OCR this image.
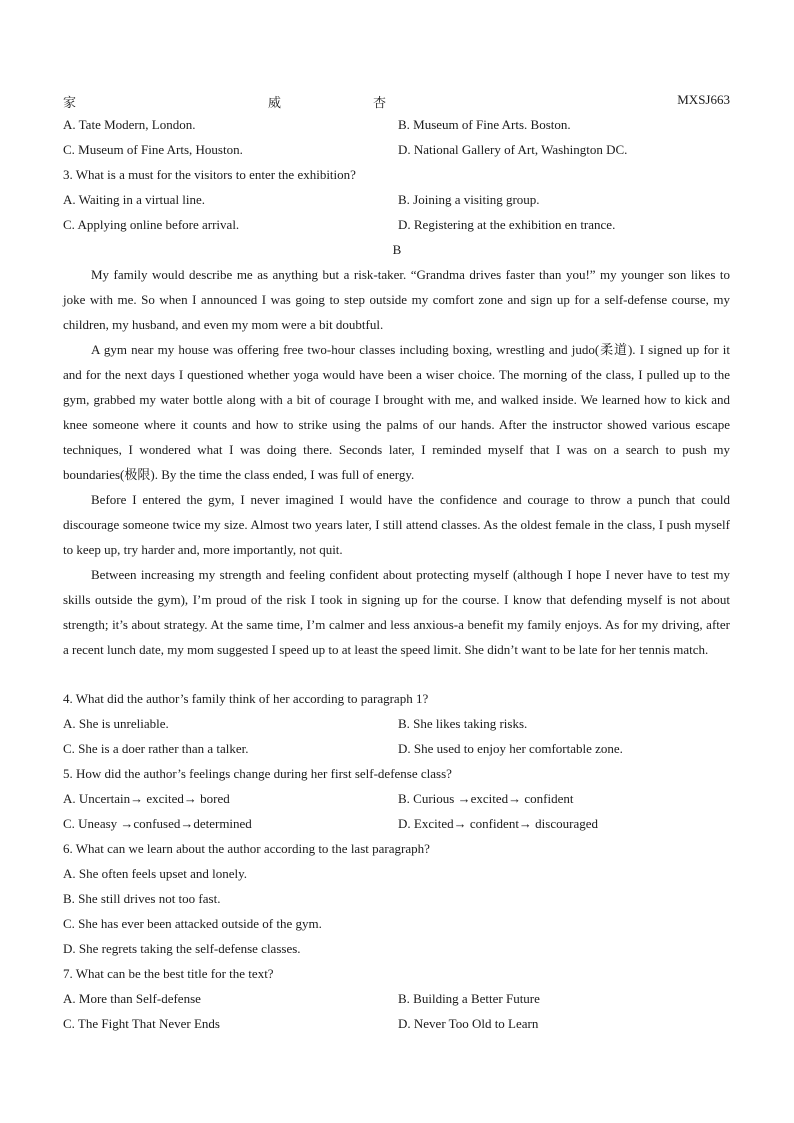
家	威	杏	MXSJ663
A. Tate Modern, London.	B. Museum of Fine Arts. Boston.
C. Museum of Fine Arts, Houston.	D. National Gallery of Art, Washington DC.
3. What is a must for the visitors to enter the exhibition?
A. Waiting in a virtual line.	B. Joining a visiting group.
C. Applying online before arrival.	D. Registering at the exhibition en trance.
B
My family would describe me as anything but a risk-taker. “Grandma drives faster than you!” my younger son likes to joke with me. So when I announced I was going to step outside my comfort zone and sign up for a self-defense course, my children, my husband, and even my mom were a bit doubtful.
A gym near my house was offering free two-hour classes including boxing, wrestling and judo(柔道). I signed up for it and for the next days I questioned whether yoga would have been a wiser choice. The morning of the class, I pulled up to the gym, grabbed my water bottle along with a bit of courage I brought with me, and walked inside. We learned how to kick and knee someone where it counts and how to strike using the palms of our hands. After the instructor showed various escape techniques, I wondered what I was doing there. Seconds later, I reminded myself that I was on a search to push my boundaries(极限). By the time the class ended, I was full of energy.
Before I entered the gym, I never imagined I would have the confidence and courage to throw a punch that could discourage someone twice my size. Almost two years later, I still attend classes. As the oldest female in the class, I push myself to keep up, try harder and, more importantly, not quit.
Between increasing my strength and feeling confident about protecting myself (although I hope I never have to test my skills outside the gym), I’m proud of the risk I took in signing up for the course. I know that defending myself is not about strength; it’s about strategy. At the same time, I’m calmer and less anxious-a benefit my family enjoys. As for my driving, after a recent lunch date, my mom suggested I speed up to at least the speed limit. She didn’t want to be late for her tennis match.
4. What did the author’s family think of her according to paragraph 1?
A. She is unreliable.	B. She likes taking risks.
C. She is a doer rather than a talker.	D. She used to enjoy her comfortable zone.
5. How did the author’s feelings change during her first self-defense class?
A. Uncertain→ excited→ bored	B. Curious →excited→ confident
C. Uneasy →confused→determined	D. Excited→ confident→ discouraged
6. What can we learn about the author according to the last paragraph?
A. She often feels upset and lonely.
B. She still drives not too fast.
C. She has ever been attacked outside of the gym.
D. She regrets taking the self-defense classes.
7. What can be the best title for the text?
A. More than Self-defense	B. Building a Better Future
C. The Fight That Never Ends	D. Never Too Old to Learn
